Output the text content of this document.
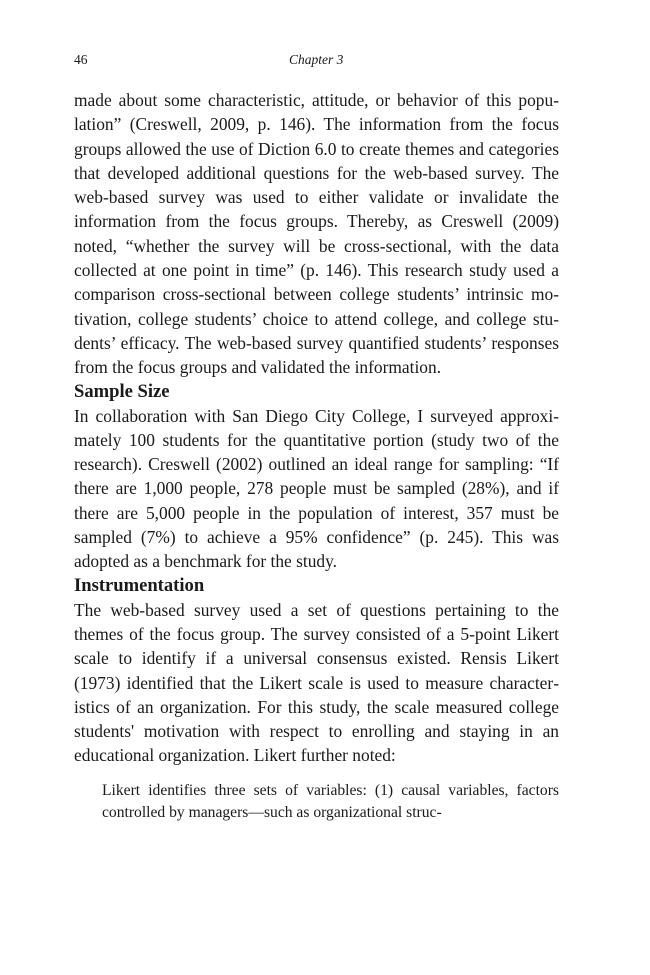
46	Chapter 3

made about some characteristic, attitude, or behavior of this population” (Creswell, 2009, p. 146). The information from the focus groups allowed the use of Diction 6.0 to create themes and categories that developed additional questions for the web-based survey. The web-based survey was used to either validate or invalidate the information from the focus groups. Thereby, as Creswell (2009) noted, “whether the survey will be cross-sectional, with the data collected at one point in time” (p. 146). This research study used a comparison cross-sectional between college students’ intrinsic motivation, college students’ choice to attend college, and college students’ efficacy. The web-based survey quantified students’ responses from the focus groups and validated the information.

Sample Size

In collaboration with San Diego City College, I surveyed approximately 100 students for the quantitative portion (study two of the research). Creswell (2002) outlined an ideal range for sampling: “If there are 1,000 people, 278 people must be sampled (28%), and if there are 5,000 people in the population of interest, 357 must be sampled (7%) to achieve a 95% confidence” (p. 245). This was adopted as a benchmark for the study.

Instrumentation

The web-based survey used a set of questions pertaining to the themes of the focus group. The survey consisted of a 5-point Likert scale to identify if a universal consensus existed. Rensis Likert (1973) identified that the Likert scale is used to measure characteristics of an organization. For this study, the scale measured college students' motivation with respect to enrolling and staying in an educational organization. Likert further noted:

Likert identifies three sets of variables: (1) causal variables, factors controlled by managers—such as organizational struc-
